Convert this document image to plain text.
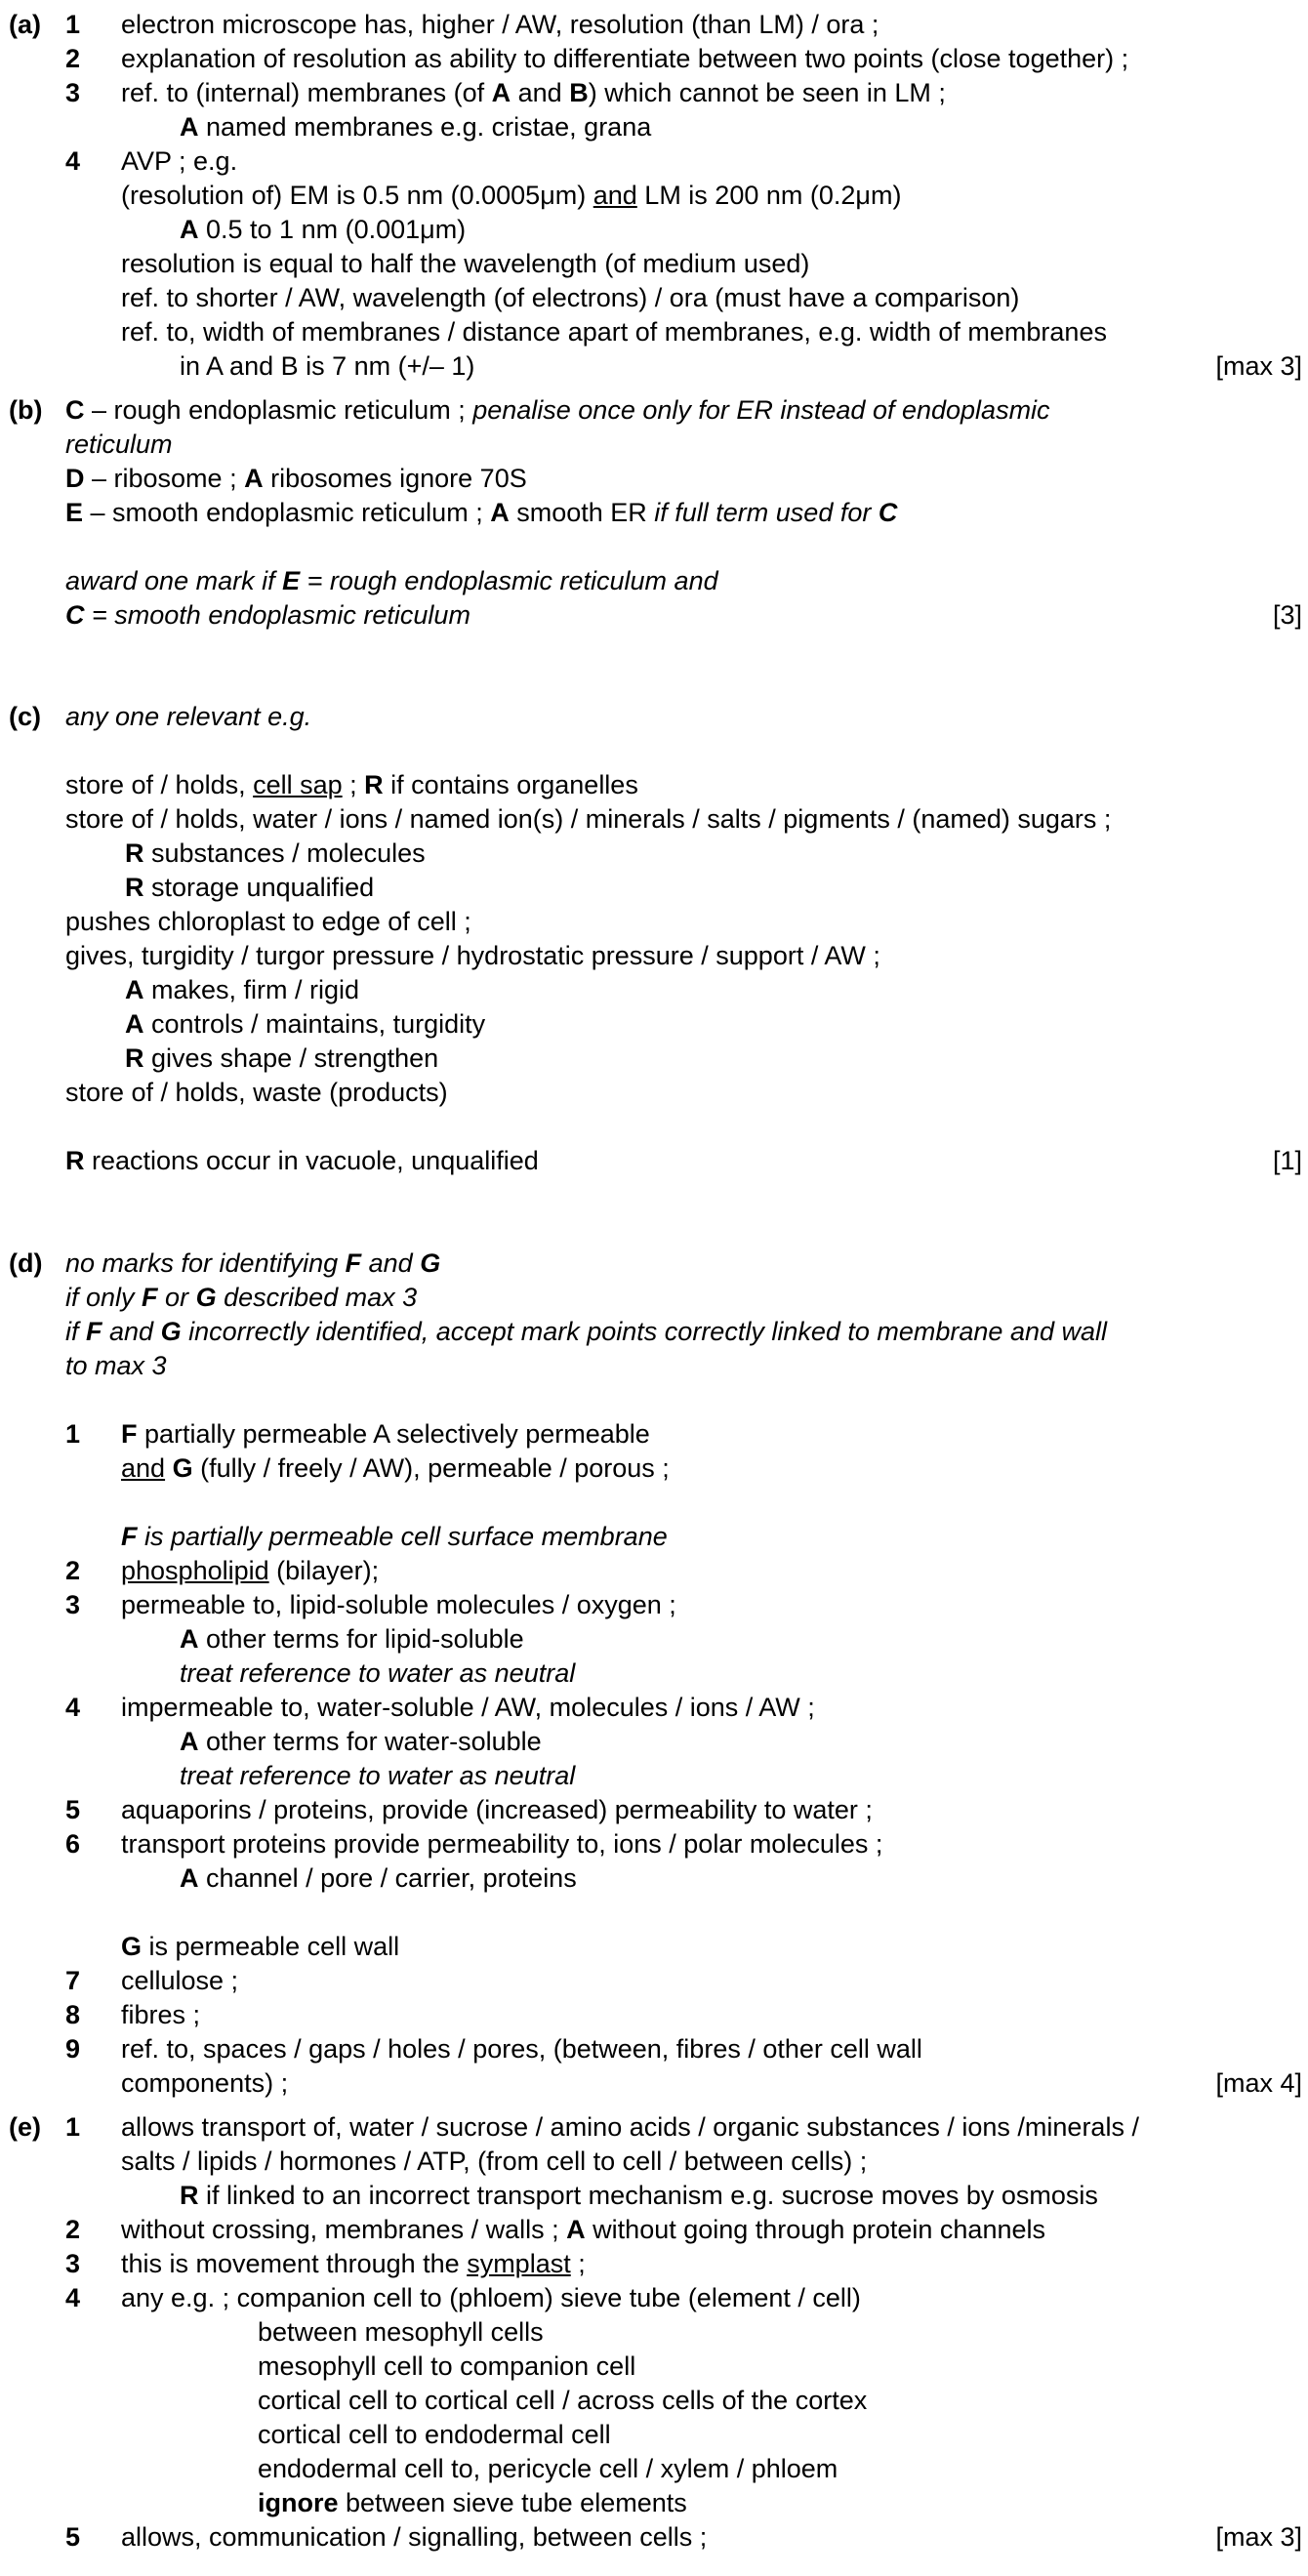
(a) 1 electron microscope has, higher / AW, resolution (than LM) / ora ;
2 explanation of resolution as ability to differentiate between two points (close together) ;
3 ref. to (internal) membranes (of A and B) which cannot be seen in LM ;
A named membranes e.g. cristae, grana
4 AVP ; e.g.
(resolution of) EM is 0.5 nm (0.0005μm) and LM is 200 nm (0.2μm)
A 0.5 to 1 nm (0.001μm)
resolution is equal to half the wavelength (of medium used)
ref. to shorter / AW, wavelength (of electrons) / ora (must have a comparison)
ref. to, width of membranes / distance apart of membranes, e.g. width of membranes
in A and B is 7 nm (+/– 1)	[max 3]
(b) C – rough endoplasmic reticulum ; penalise once only for ER instead of endoplasmic
reticulum
D – ribosome ; A ribosomes ignore 70S
E – smooth endoplasmic reticulum ; A smooth ER if full term used for C
award one mark if E = rough endoplasmic reticulum and
C = smooth endoplasmic reticulum	[3]
(c) any one relevant e.g.
store of / holds, cell sap ; R if contains organelles
store of / holds, water / ions / named ion(s) / minerals / salts / pigments / (named) sugars ;
R substances / molecules
R storage unqualified
pushes chloroplast to edge of cell ;
gives, turgidity / turgor pressure / hydrostatic pressure / support / AW ;
A makes, firm / rigid
A controls / maintains, turgidity
R gives shape / strengthen
store of / holds, waste (products)
R reactions occur in vacuole, unqualified	[1]
(d) no marks for identifying F and G
if only F or G described max 3
if F and G incorrectly identified, accept mark points correctly linked to membrane and wall
to max 3
1 F partially permeable A selectively permeable
and G (fully / freely / AW), permeable / porous ;
F is partially permeable cell surface membrane
2 phospholipid (bilayer);
3 permeable to, lipid-soluble molecules / oxygen ;
A other terms for lipid-soluble
treat reference to water as neutral
4 impermeable to, water-soluble / AW, molecules / ions / AW ;
A other terms for water-soluble
treat reference to water as neutral
5 aquaporins / proteins, provide (increased) permeability to water ;
6 transport proteins provide permeability to, ions / polar molecules ;
A channel / pore / carrier, proteins
G is permeable cell wall
7 cellulose ;
8 fibres ;
9 ref. to, spaces / gaps / holes / pores, (between, fibres / other cell wall
components) ;	[max 4]
(e) 1 allows transport of, water / sucrose / amino acids / organic substances / ions /minerals /
salts / lipids / hormones / ATP, (from cell to cell / between cells) ;
R if linked to an incorrect transport mechanism e.g. sucrose moves by osmosis
2 without crossing, membranes / walls ; A without going through protein channels
3 this is movement through the symplast ;
4 any e.g. ; companion cell to (phloem) sieve tube (element / cell)
between mesophyll cells
mesophyll cell to companion cell
cortical cell to cortical cell / across cells of the cortex
cortical cell to endodermal cell
endodermal cell to, pericycle cell / xylem / phloem
ignore between sieve tube elements
5 allows, communication / signalling, between cells ;	[max 3]
